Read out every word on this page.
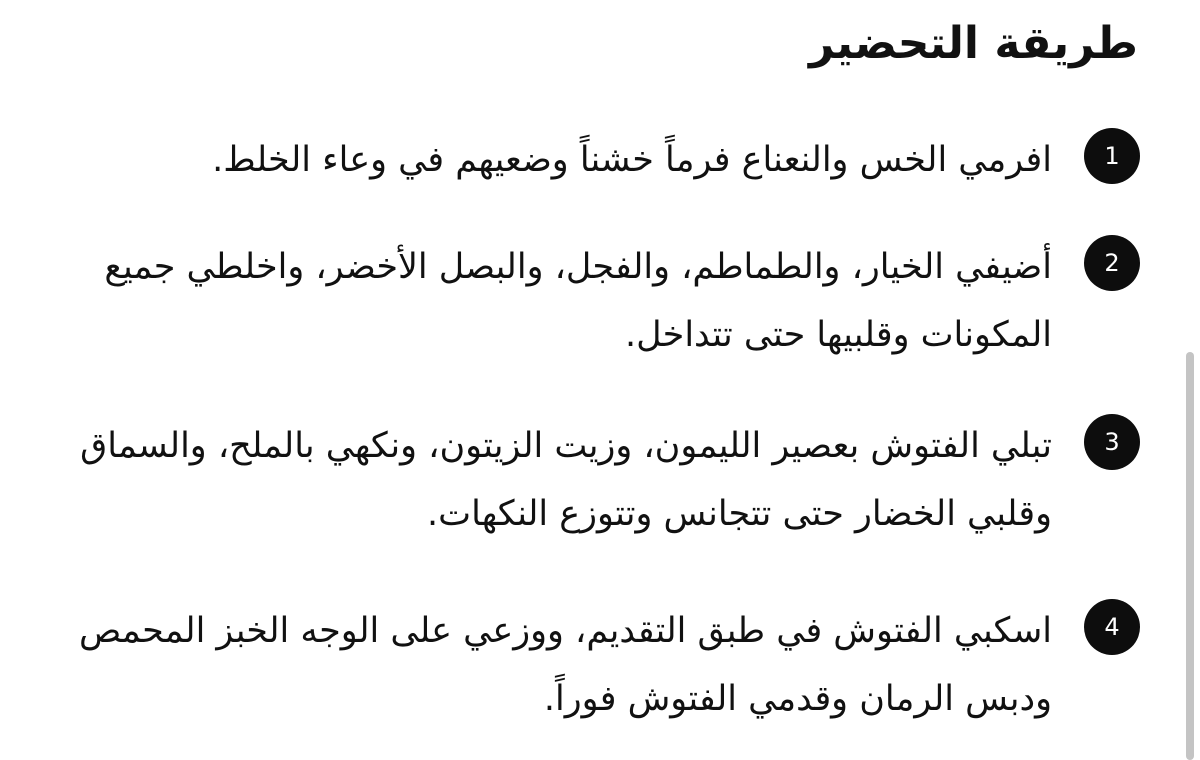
طريقة التحضير
1

افرمي الخس والنعناع فرماً خشناً وضعيهم في وعاء الخلط.

2

أضيفي الخيار، والطماطم، والفجل، والبصل الأخضر، واخلطي جميع المكونات وقلبيها حتى تتداخل.

3

تبلي الفتوش بعصير الليمون، وزيت الزيتون، ونكهي بالملح، والسماق وقلبي الخضار حتى تتجانس وتتوزع النكهات.

4

اسكبي الفتوش في طبق التقديم، ووزعي على الوجه الخبز المحمص ودبس الرمان وقدمي الفتوش فوراً.
